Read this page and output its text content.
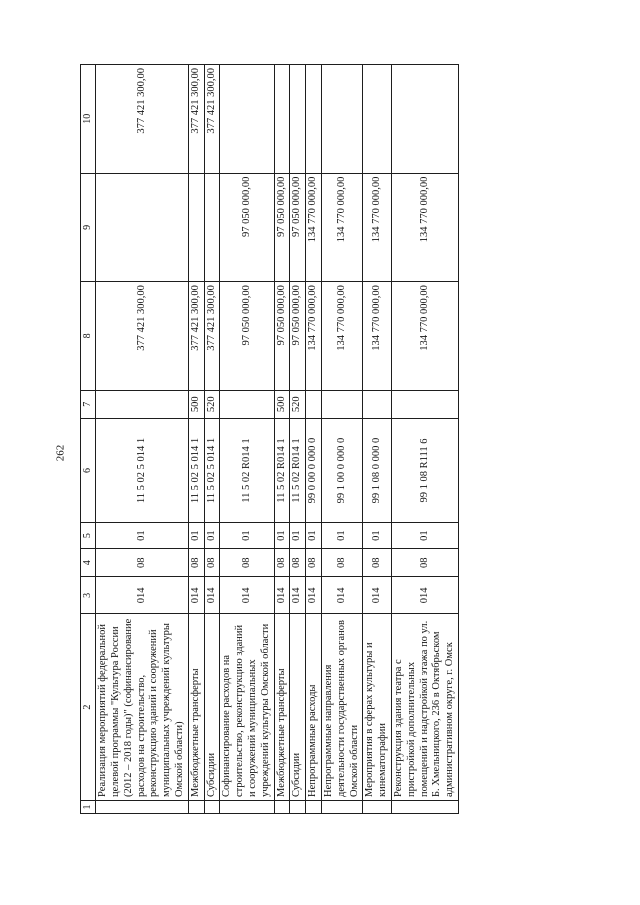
262
1	2	3	4	5	6	7	8	9	10
	Реализация мероприятий федеральной целевой программы "Культура России (2012 – 2018 годы)" (софинансирование расходов на строительство, реконструкцию зданий и сооружений муниципальных учреждений культуры Омской области)	014	08	01	11 5 02 5 014 1		377 421 300,00		377 421 300,00
	Межбюджетные трансферты	014	08	01	11 5 02 5 014 1	500	377 421 300,00		377 421 300,00
	Субсидии	014	08	01	11 5 02 5 014 1	520	377 421 300,00		377 421 300,00
	Софинансирование расходов на строительство, реконструкцию зданий и сооружений муниципальных учреждений культуры Омской области	014	08	01	11 5 02 R014 1		97 050 000,00	97 050 000,00	
	Межбюджетные трансферты	014	08	01	11 5 02 R014 1	500	97 050 000,00	97 050 000,00	
	Субсидии	014	08	01	11 5 02 R014 1	520	97 050 000,00	97 050 000,00	
	Непрограммные расходы	014	08	01	99 0 00 0 000 0		134 770 000,00	134 770 000,00	
	Непрограммные направления деятельности государственных органов Омской области	014	08	01	99 1 00 0 000 0		134 770 000,00	134 770 000,00	
	Мероприятия в сферах культуры и кинематографии	014	08	01	99 1 08 0 000 0		134 770 000,00	134 770 000,00	
	Реконструкция здания театра с пристройкой дополнительных помещений и надстройкой этажа по ул. Б. Хмельницкого, 236 в Октябрьском административном округе, г. Омск	014	08	01	99 1 08 R111 6		134 770 000,00	134 770 000,00	
